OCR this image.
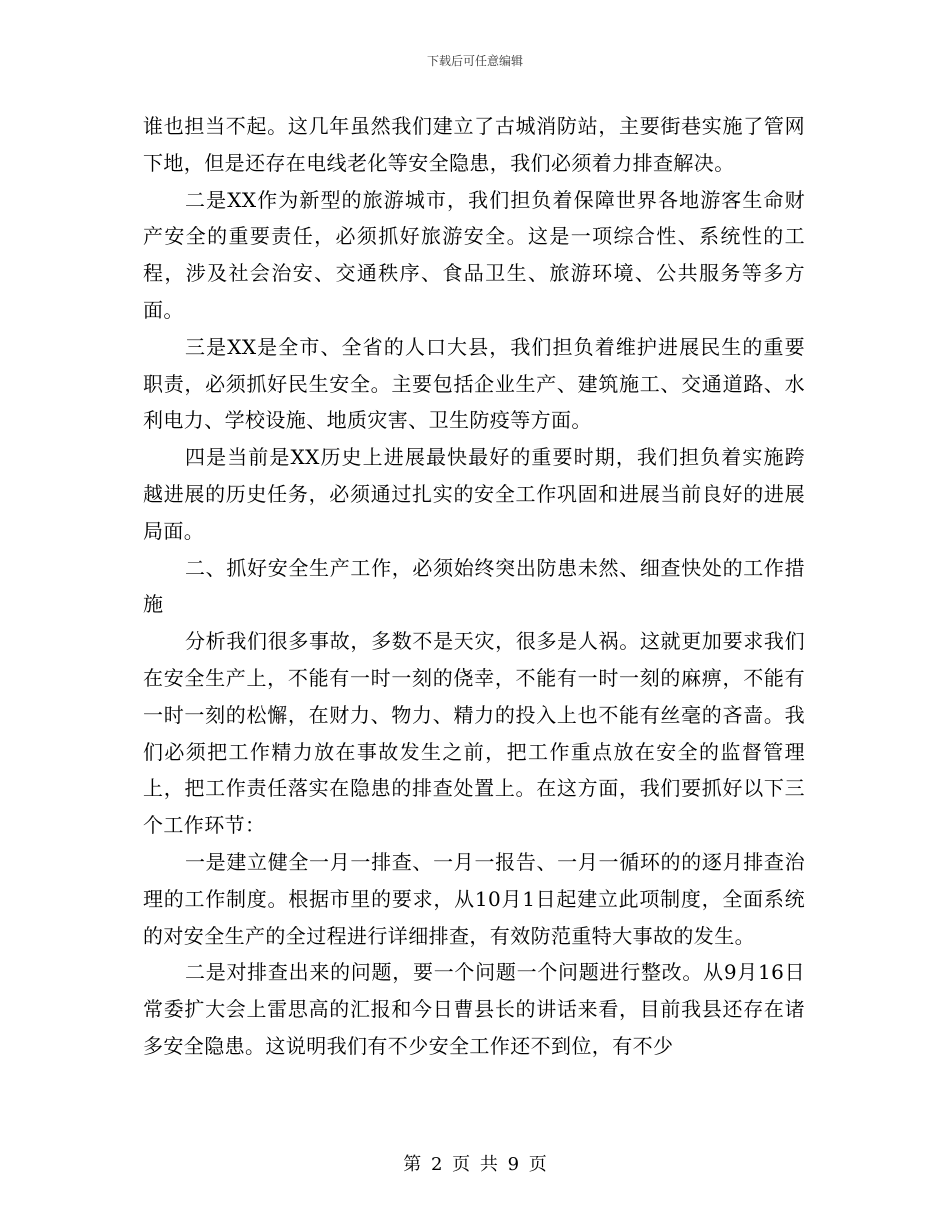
下载后可任意编辑

谁也担当不起。这几年虽然我们建立了古城消防站，主要街巷实施了管网下地，但是还存在电线老化等安全隐患，我们必须着力排查解决。

二是XX作为新型的旅游城市，我们担负着保障世界各地游客生命财产安全的重要责任，必须抓好旅游安全。这是一项综合性、系统性的工程，涉及社会治安、交通秩序、食品卫生、旅游环境、公共服务等多方面。

三是XX是全市、全省的人口大县，我们担负着维护进展民生的重要职责，必须抓好民生安全。主要包括企业生产、建筑施工、交通道路、水利电力、学校设施、地质灾害、卫生防疫等方面。

四是当前是XX历史上进展最快最好的重要时期，我们担负着实施跨越进展的历史任务，必须通过扎实的安全工作巩固和进展当前良好的进展局面。

二、抓好安全生产工作，必须始终突出防患未然、细查快处的工作措施

分析我们很多事故，多数不是天灾，很多是人祸。这就更加要求我们在安全生产上，不能有一时一刻的侥幸，不能有一时一刻的麻痹，不能有一时一刻的松懈，在财力、物力、精力的投入上也不能有丝毫的吝啬。我们必须把工作精力放在事故发生之前，把工作重点放在安全的监督管理上，把工作责任落实在隐患的排查处置上。在这方面，我们要抓好以下三个工作环节：

一是建立健全一月一排查、一月一报告、一月一循环的的逐月排查治理的工作制度。根据市里的要求，从10月1日起建立此项制度，全面系统的对安全生产的全过程进行详细排查，有效防范重特大事故的发生。

二是对排查出来的问题，要一个问题一个问题进行整改。从9月16日常委扩大会上雷思高的汇报和今日曹县长的讲话来看，目前我县还存在诸多安全隐患。这说明我们有不少安全工作还不到位，有不少

第 2 页 共 9 页
